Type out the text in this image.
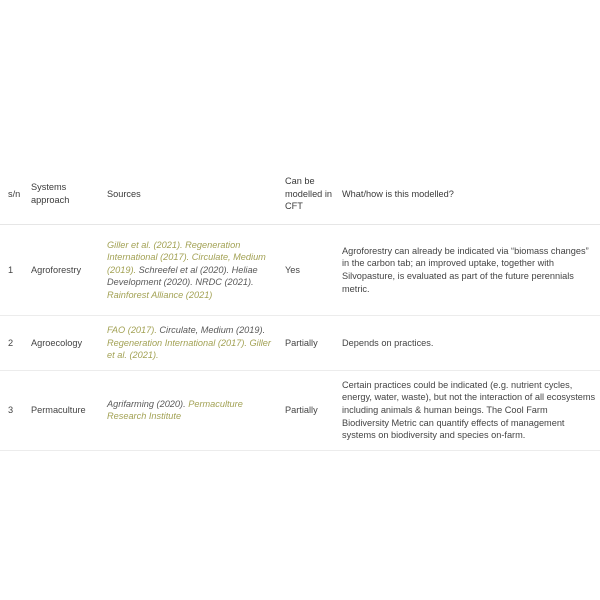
s/n	Systems approach	Sources	Can be modelled in CFT	What/how is this modelled?
1	Agroforestry	Giller et al. (2021). Regeneration International (2017). Circulate, Medium (2019). Schreefel et al (2020). Heliae Development (2020). NRDC (2021). Rainforest Alliance (2021)	Yes	Agroforestry can already be indicated via “biomass changes” in the carbon tab; an improved uptake, together with Silvopasture, is evaluated as part of the future perennials metric.
2	Agroecology	FAO (2017). Circulate, Medium (2019). Regeneration International (2017). Giller et al. (2021).	Partially	Depends on practices.
3	Permaculture	Agrifarming (2020). Permaculture Research Institute	Partially	Certain practices could be indicated (e.g. nutrient cycles, energy, water, waste), but not the interaction of all ecosystems including animals & human beings. The Cool Farm Biodiversity Metric can quantify effects of management systems on biodiversity and species on-farm.
